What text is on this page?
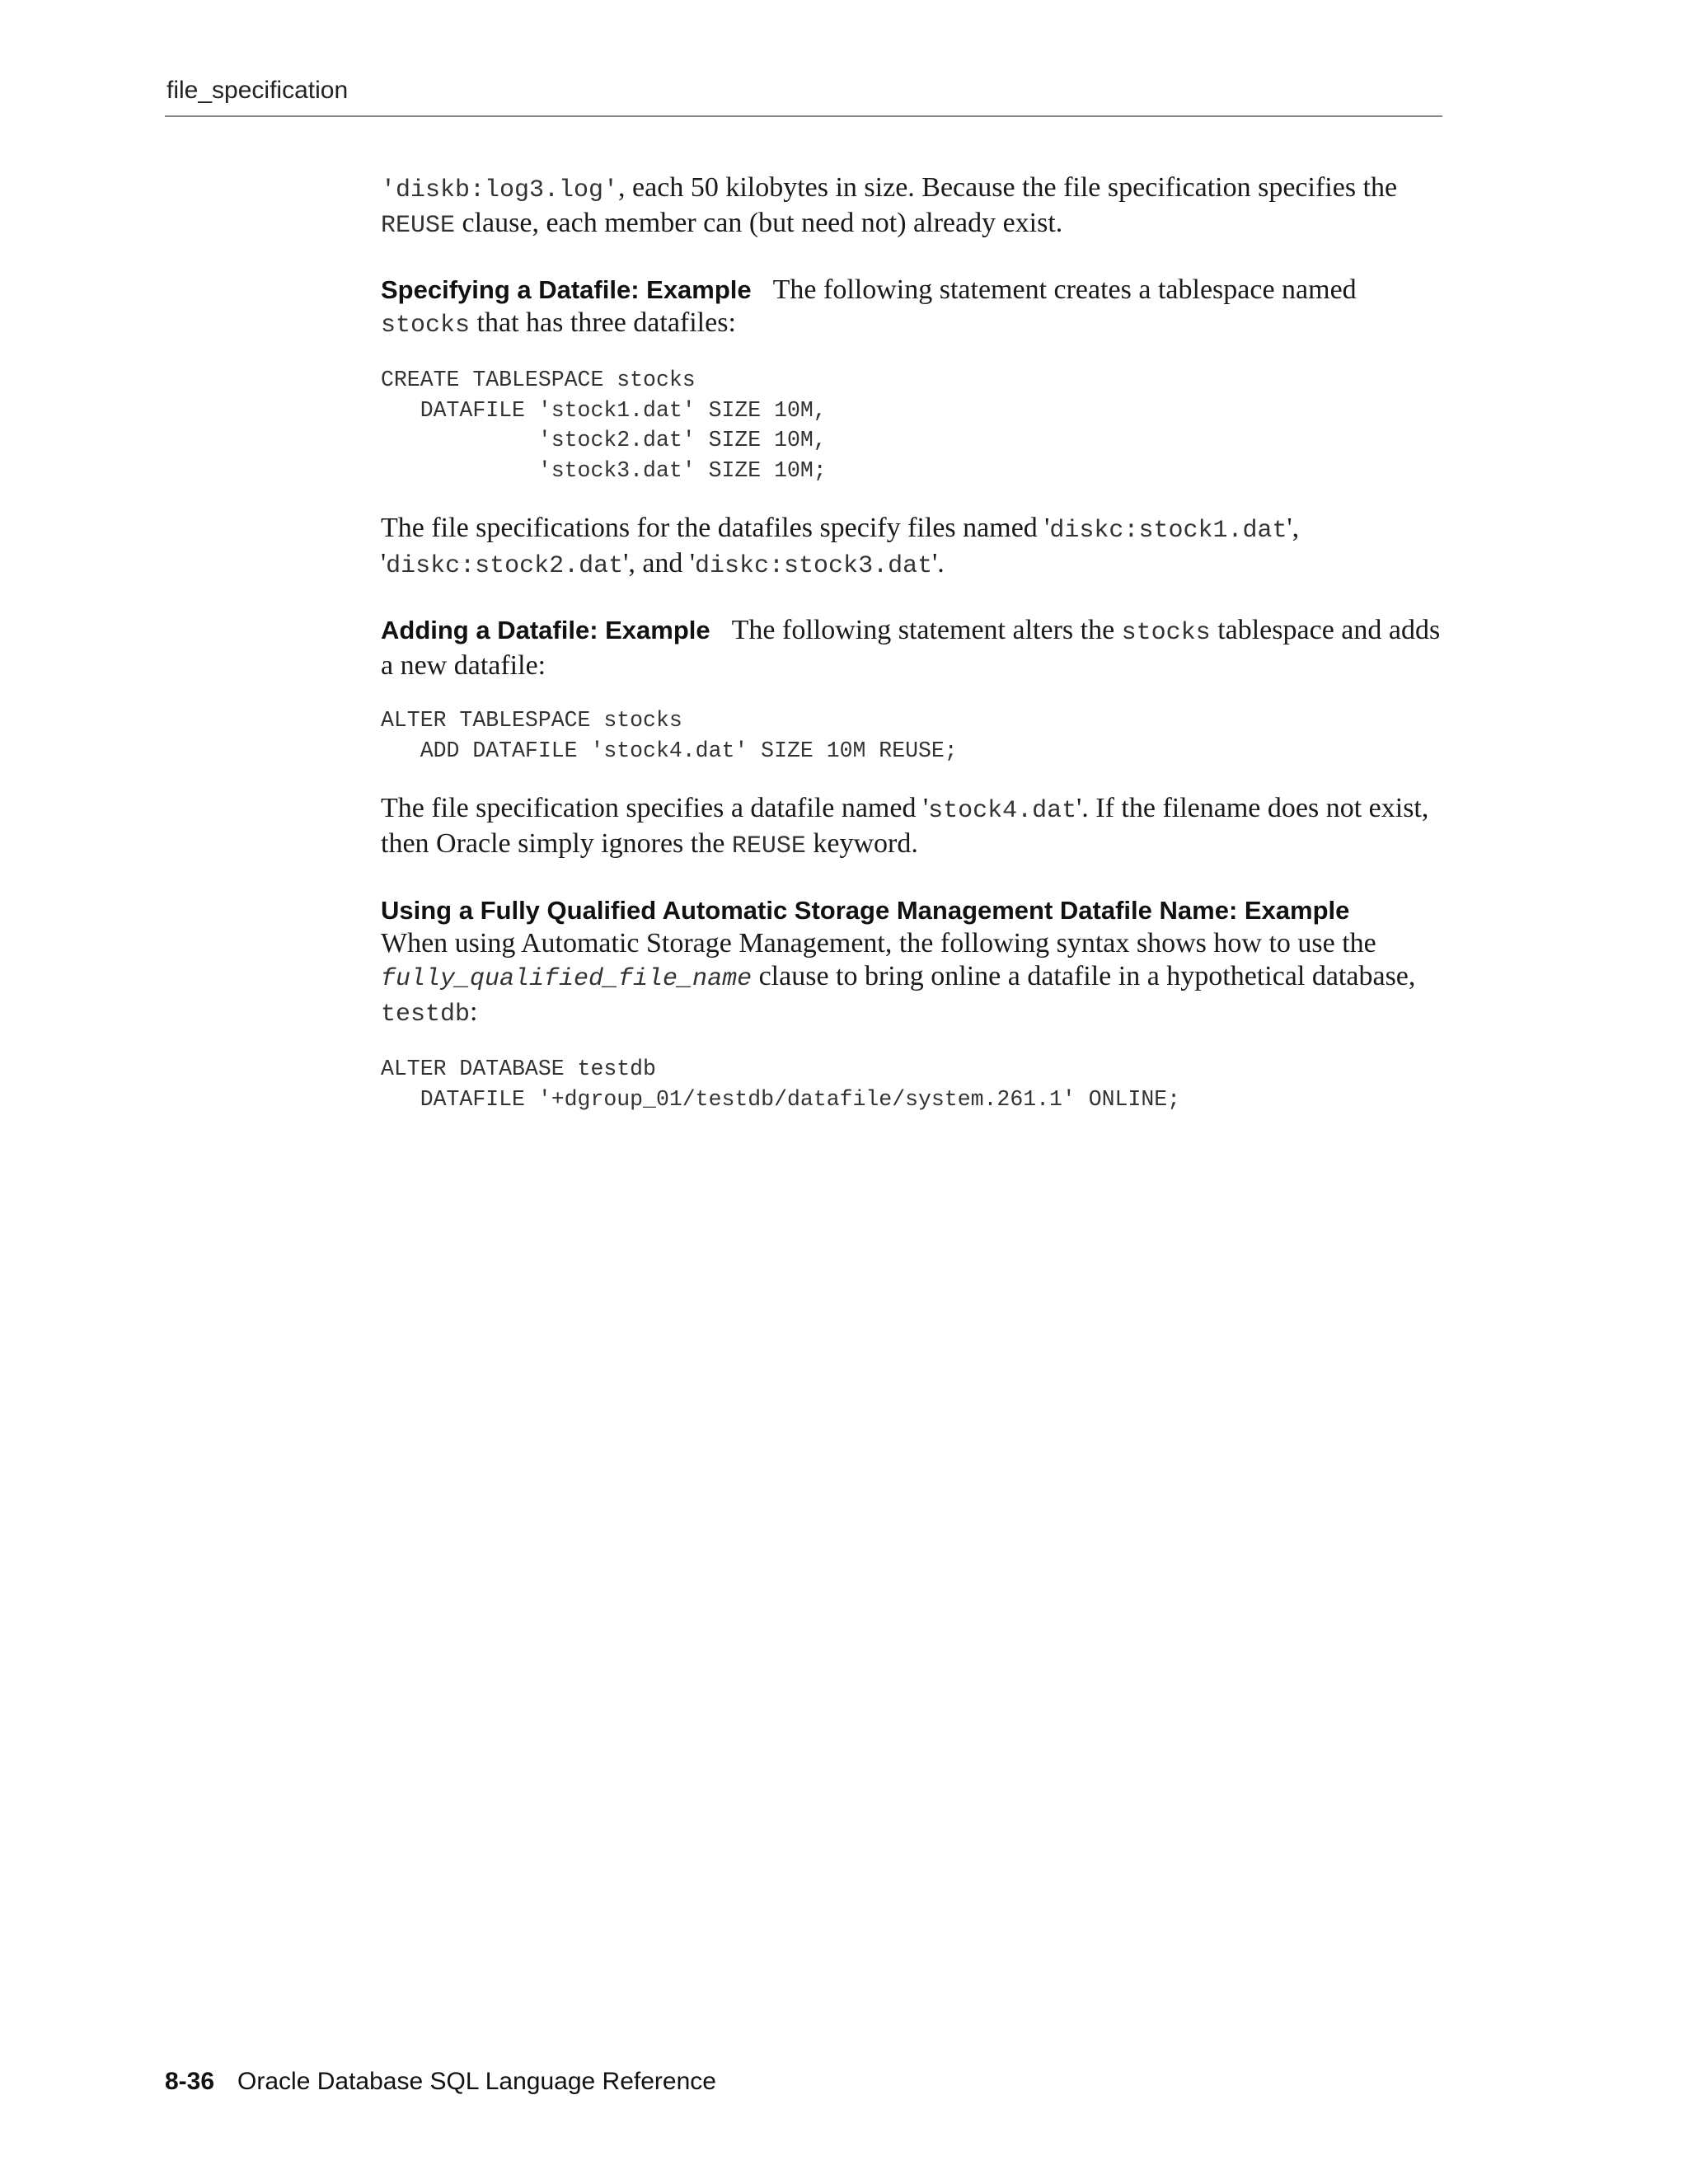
file_specification

'diskb:log3.log', each 50 kilobytes in size. Because the file specification specifies the REUSE clause, each member can (but need not) already exist.

Specifying a Datafile: Example The following statement creates a tablespace named stocks that has three datafiles:

CREATE TABLESPACE stocks
DATAFILE 'stock1.dat' SIZE 10M,
'stock2.dat' SIZE 10M,
'stock3.dat' SIZE 10M;

The file specifications for the datafiles specify files named 'diskc:stock1.dat', 'diskc:stock2.dat', and 'diskc:stock3.dat'.

Adding a Datafile: Example The following statement alters the stocks tablespace and adds a new datafile:

ALTER TABLESPACE stocks
ADD DATAFILE 'stock4.dat' SIZE 10M REUSE;

The file specification specifies a datafile named 'stock4.dat'. If the filename does not exist, then Oracle simply ignores the REUSE keyword.

Using a Fully Qualified Automatic Storage Management Datafile Name: Example
When using Automatic Storage Management, the following syntax shows how to use the fully_qualified_file_name clause to bring online a datafile in a hypothetical database, testdb:

ALTER DATABASE testdb
DATAFILE '+dgroup_01/testdb/datafile/system.261.1' ONLINE;
8-36 Oracle Database SQL Language Reference
